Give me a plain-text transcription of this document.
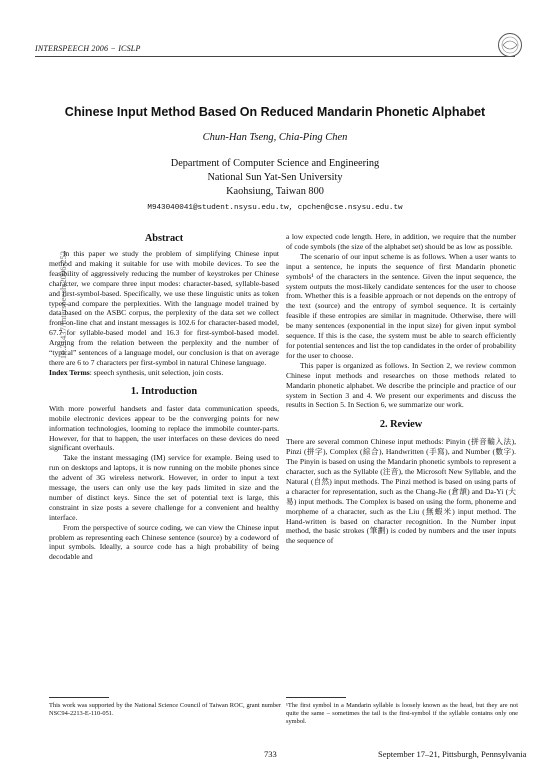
INTERSPEECH 2006 − ICSLP
10.21437/Interspeech.2006-252
Chinese Input Method Based On Reduced Mandarin Phonetic Alphabet
Chun-Han Tseng, Chia-Ping Chen
Department of Computer Science and Engineering
National Sun Yat-Sen University
Kaohsiung, Taiwan 800
M943040041@student.nsysu.edu.tw, cpchen@cse.nsysu.edu.tw
Abstract

In this paper we study the problem of simplifying Chinese input method and making it suitable for use with mobile devices. To see the feasibility of aggressively reducing the number of keystrokes per Chinese character, we compare three input modes: character-based, syllable-based and first-symbol-based. Specifically, we use these linguistic units as token types and compare the perplexities. With the language model trained by data based on the ASBC corpus, the perplexity of the data set we collect from on-line chat and instant messages is 102.6 for character-based model, 67.7 for syllable-based model and 16.3 for first-symbol-based model. Arguing from the relation between the perplexity and the number of “typical” sentences of a language model, our conclusion is that on average there are 6 to 7 characters per first-symbol in natural Chinese language.

Index Terms: speech synthesis, unit selection, join costs.

1. Introduction

With more powerful handsets and faster data communication speeds, mobile electronic devices appear to be the converging points for new information technologies, looming to replace the immobile counter-parts. However, for that to happen, the user interfaces on these devices do need significant overhauls.

Take the instant messaging (IM) service for example. Being used to run on desktops and laptops, it is now running on the mobile phones since the advent of 3G wireless network. However, in order to input a text message, the users can only use the key pads limited in size and the number of distinct keys. Since the set of potential text is large, this constraint in size posts a severe challenge for a convenient and healthy interface.

From the perspective of source coding, we can view the Chinese input problem as representing each Chinese sentence (source) by a codeword of input symbols. Ideally, a source code has a high probability of being decodable and

a low expected code length. Here, in addition, we require that the number of code symbols (the size of the alphabet set) should be as low as possible.

The scenario of our input scheme is as follows. When a user wants to input a sentence, he inputs the sequence of first Mandarin phonetic symbols¹ of the characters in the sentence. Given the input sequence, the system outputs the most-likely candidate sentences for the user to choose from. Whether this is a feasible approach or not depends on the entropy of the text (source) and the entropy of symbol sequence. It is certainly feasible if these entropies are similar in magnitude. Otherwise, there will be many sentences (exponential in the input size) for given input symbol sequence. If this is the case, the system must be able to search efficiently for potential sentences and list the top candidates in the order of probability for the user to choose.

This paper is organized as follows. In Section 2, we review common Chinese input methods and researches on those methods related to Mandarin phonetic alphabet. We describe the principle and practice of our system in Section 3 and 4. We present our experiments and discuss the results in Section 5. In Section 6, we summarize our work.

2. Review

There are several common Chinese input methods: Pinyin (拼音輸入法), Pinzi (拼字), Complex (綜合), Handwritten (手寫), and Number (數字). The Pinyin is based on using the Mandarin phonetic symbols to represent a character, such as the Syllable (注音), the Microsoft New Syllable, and the Natural (自然) input methods. The Pinzi method is based on using parts of a character for representation, such as the Chang-Jie (倉頡) and Da-Yi (大易) input methods. The Complex is based on using the form, phoneme and morpheme of a character, such as the Liu (無蝦米) input method. The Hand-written is based on character recognition. In the Number input method, the basic strokes (筆劃) is coded by numbers and the user inputs the sequence of

This work was supported by the National Science Council of Taiwan ROC, grant number NSC94-2213-E-110-051.
¹The first symbol in a Mandarin syllable is loosely known as the head, but they are not quite the same – sometimes the tail is the first-symbol if the syllable contains only one symbol.
733	September 17–21, Pittsburgh, Pennsylvania
